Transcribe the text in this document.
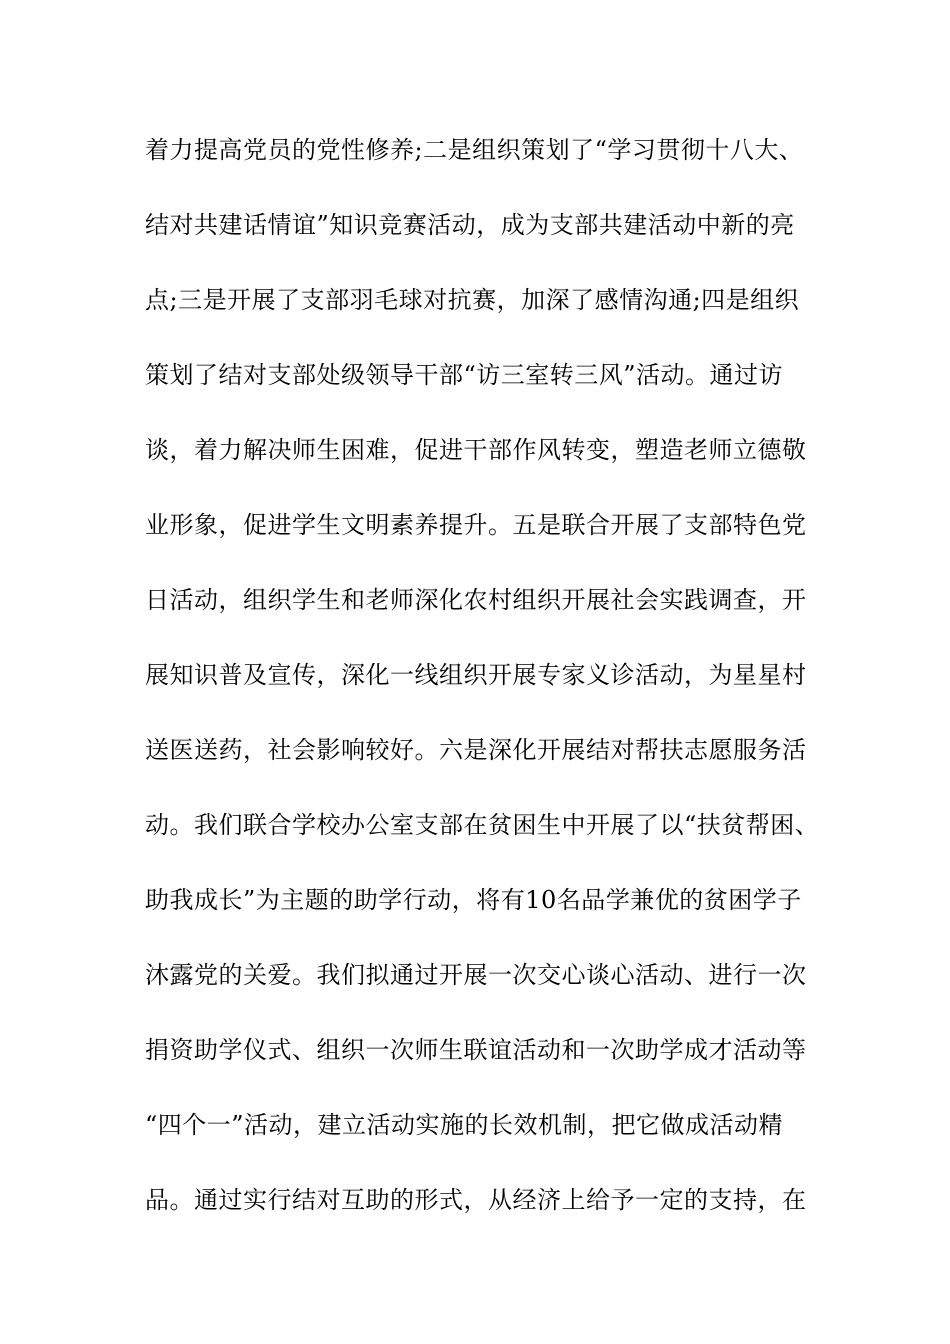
着力提高党员的党性修养;二是组织策划了“学习贯彻十八大、
结对共建话情谊”知识竞赛活动，成为支部共建活动中新的亮
点;三是开展了支部羽毛球对抗赛，加深了感情沟通;四是组织
策划了结对支部处级领导干部“访三室转三风”活动。通过访
谈，着力解决师生困难，促进干部作风转变，塑造老师立德敬
业形象，促进学生文明素养提升。五是联合开展了支部特色党
日活动，组织学生和老师深化农村组织开展社会实践调查，开
展知识普及宣传，深化一线组织开展专家义诊活动，为星星村
送医送药，社会影响较好。六是深化开展结对帮扶志愿服务活
动。我们联合学校办公室支部在贫困生中开展了以“扶贫帮困、
助我成长”为主题的助学行动，将有10名品学兼优的贫困学子
沐露党的关爱。我们拟通过开展一次交心谈心活动、进行一次
捐资助学仪式、组织一次师生联谊活动和一次助学成才活动等
“四个一”活动，建立活动实施的长效机制，把它做成活动精
品。通过实行结对互助的形式，从经济上给予一定的支持，在
